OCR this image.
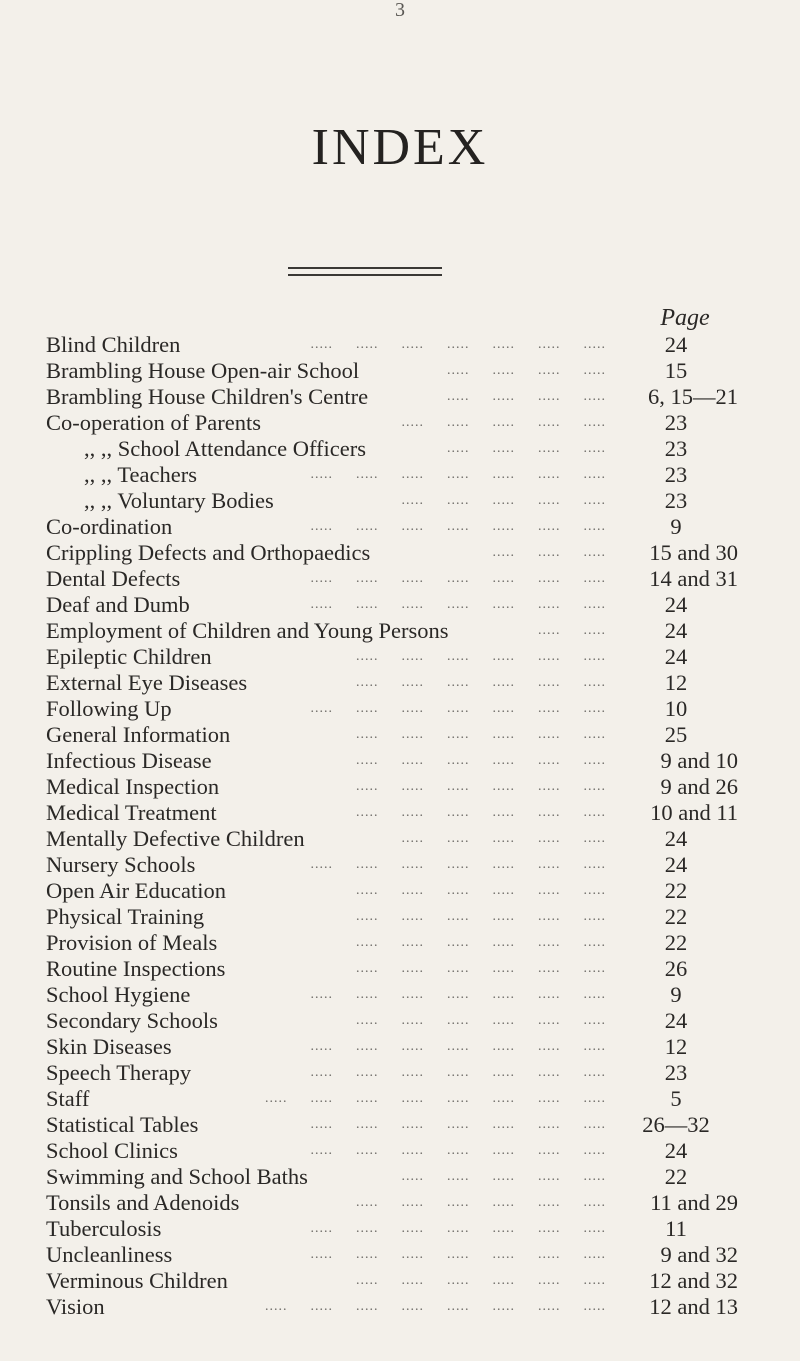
3
INDEX
Page
Blind Children	.....  .....  .....  .....  .....  .....  .....	24
Brambling House Open-air School	.....  .....  .....  .....	15
Brambling House Children's Centre	.....  .....  .....  .....	6, 15—21
Co-operation of Parents	.....  .....  .....  .....  .....	23
,, ,, School Attendance Officers	.....  .....  .....  .....	23
,, ,, Teachers	.....  .....  .....  .....  .....  .....  .....	23
,, ,, Voluntary Bodies	.....  .....  .....  .....  .....	23
Co-ordination	.....  .....  .....  .....  .....  .....  .....	9
Crippling Defects and Orthopaedics	.....  .....  .....	15 and 30
Dental Defects	.....  .....  .....  .....  .....  .....  .....	14 and 31
Deaf and Dumb	.....  .....  .....  .....  .....  .....  .....	24
Employment of Children and Young Persons	.....  .....	24
Epileptic Children	.....  .....  .....  .....  .....  .....	24
External Eye Diseases	.....  .....  .....  .....  .....  .....	12
Following Up	.....  .....  .....  .....  .....  .....  .....	10
General Information	.....  .....  .....  .....  .....  .....	25
Infectious Disease	.....  .....  .....  .....  .....  .....	9 and 10
Medical Inspection	.....  .....  .....  .....  .....  .....	9 and 26
Medical Treatment	.....  .....  .....  .....  .....  .....	10 and 11
Mentally Defective Children	.....  .....  .....  .....  .....	24
Nursery Schools	.....  .....  .....  .....  .....  .....  .....	24
Open Air Education	.....  .....  .....  .....  .....  .....	22
Physical Training	.....  .....  .....  .....  .....  .....	22
Provision of Meals	.....  .....  .....  .....  .....  .....	22
Routine Inspections	.....  .....  .....  .....  .....  .....	26
School Hygiene	.....  .....  .....  .....  .....  .....  .....	9
Secondary Schools	.....  .....  .....  .....  .....  .....	24
Skin Diseases	.....  .....  .....  .....  .....  .....  .....	12
Speech Therapy	.....  .....  .....  .....  .....  .....  .....	23
Staff	.....  .....  .....  .....  .....  .....  .....  .....	5
Statistical Tables	.....  .....  .....  .....  .....  .....  .....	26—32
School Clinics	.....  .....  .....  .....  .....  .....  .....	24
Swimming and School Baths	.....  .....  .....  .....  .....	22
Tonsils and Adenoids	.....  .....  .....  .....  .....  .....	11 and 29
Tuberculosis	.....  .....  .....  .....  .....  .....  .....	11
Uncleanliness	.....  .....  .....  .....  .....  .....  .....	9 and 32
Verminous Children	.....  .....  .....  .....  .....  .....	12 and 32
Vision	.....  .....  .....  .....  .....  .....  .....  .....	12 and 13
